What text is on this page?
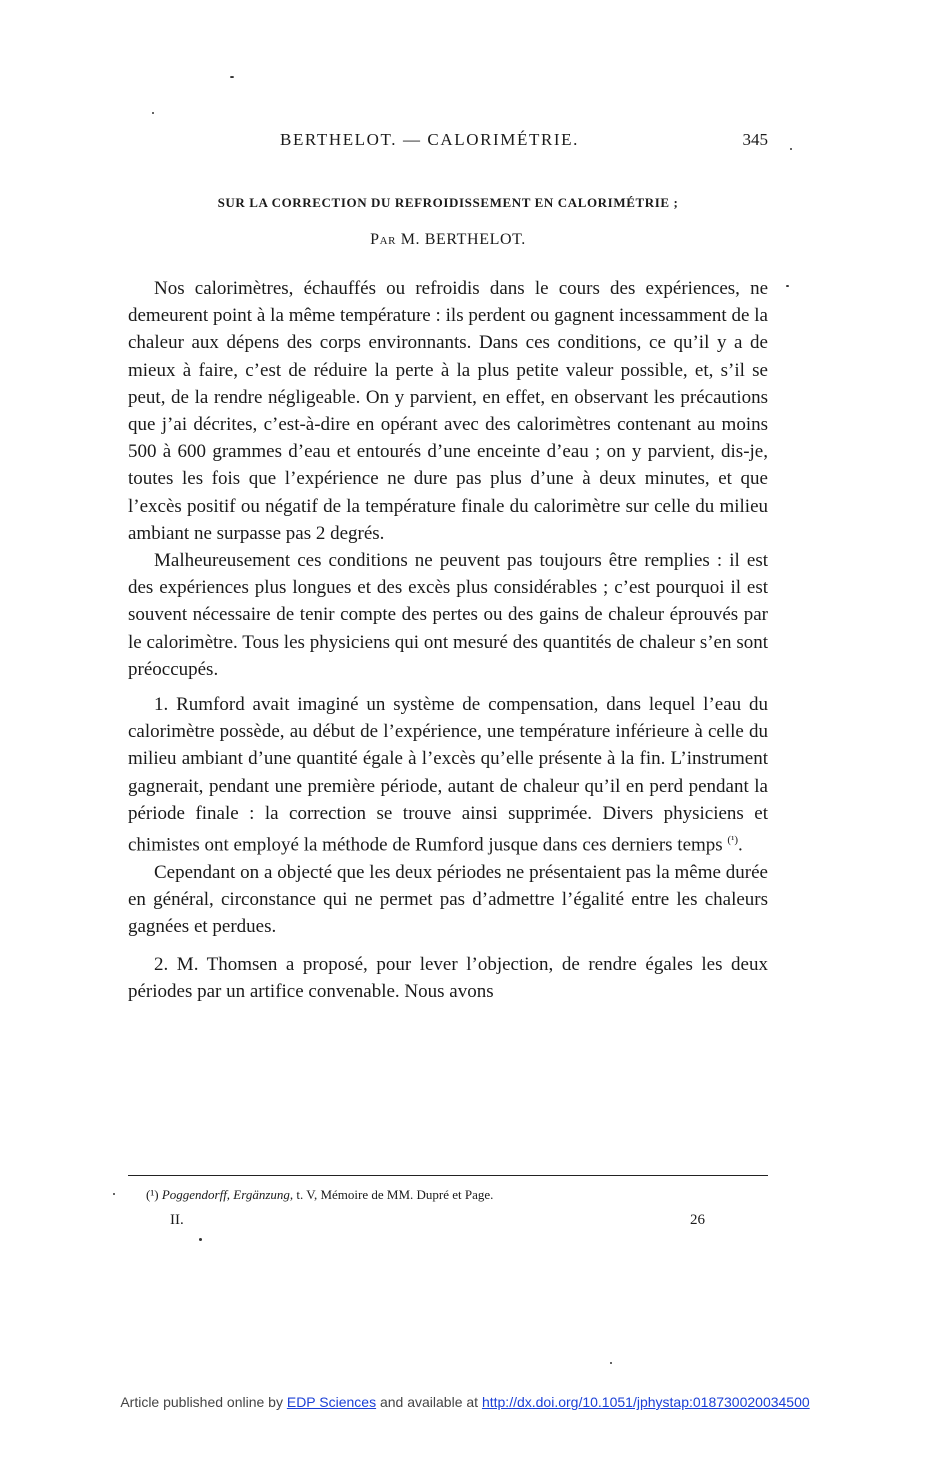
BERTHELOT. — CALORIMÉTRIE.	345
SUR LA CORRECTION DU REFROIDISSEMENT EN CALORIMÉTRIE ;
Par M. BERTHELOT.

Nos calorimètres, échauffés ou refroidis dans le cours des expériences, ne demeurent point à la même température : ils perdent ou gagnent incessamment de la chaleur aux dépens des corps environnants. Dans ces conditions, ce qu’il y a de mieux à faire, c’est de réduire la perte à la plus petite valeur possible, et, s’il se peut, de la rendre négligeable. On y parvient, en effet, en observant les précautions que j’ai décrites, c’est-à-dire en opérant avec des calorimètres contenant au moins 500 à 600 grammes d’eau et entourés d’une enceinte d’eau ; on y parvient, dis-je, toutes les fois que l’expérience ne dure pas plus d’une à deux minutes, et que l’excès positif ou négatif de la température finale du calorimètre sur celle du milieu ambiant ne surpasse pas 2 degrés.

Malheureusement ces conditions ne peuvent pas toujours être remplies : il est des expériences plus longues et des excès plus considérables ; c’est pourquoi il est souvent nécessaire de tenir compte des pertes ou des gains de chaleur éprouvés par le calorimètre. Tous les physiciens qui ont mesuré des quantités de chaleur s’en sont préoccupés.

1. Rumford avait imaginé un système de compensation, dans lequel l’eau du calorimètre possède, au début de l’expérience, une température inférieure à celle du milieu ambiant d’une quantité égale à l’excès qu’elle présente à la fin. L’instrument gagnerait, pendant une première période, autant de chaleur qu’il en perd pendant la période finale : la correction se trouve ainsi supprimée. Divers physiciens et chimistes ont employé la méthode de Rumford jusque dans ces derniers temps $^{(^1)}$.

Cependant on a objecté que les deux périodes ne présentaient pas la même durée en général, circonstance qui ne permet pas d’admettre l’égalité entre les chaleurs gagnées et perdues.

2. M. Thomsen a proposé, pour lever l’objection, de rendre égales les deux périodes par un artifice convenable. Nous avons

(¹) Poggendorff, Ergänzung, t. V, Mémoire de MM. Dupré et Page.
II.	26
Article published online by EDP Sciences and available at http://dx.doi.org/10.1051/jphystap:018730020034500
